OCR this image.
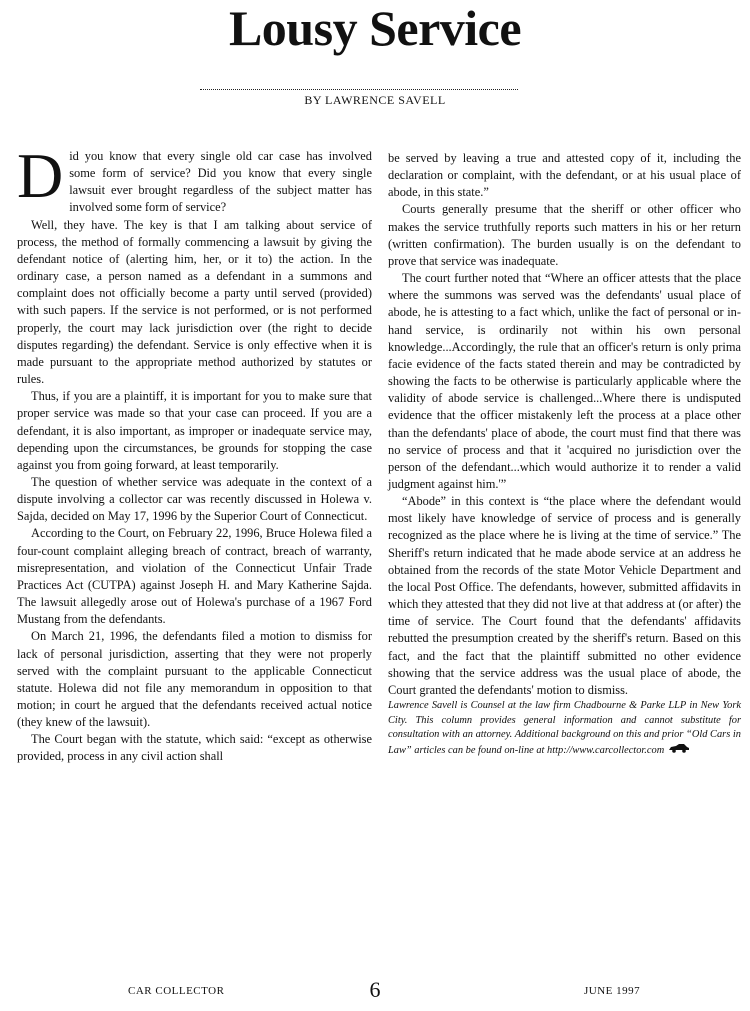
Lousy Service
BY LAWRENCE SAVELL

Did you know that every single old car case has involved some form of service? Did you know that every single lawsuit ever brought regardless of the subject matter has involved some form of service?

Well, they have. The key is that I am talking about service of process, the method of formally commencing a lawsuit by giving the defendant notice of (alerting him, her, or it to) the action. In the ordinary case, a person named as a defendant in a summons and complaint does not officially become a party until served (provided) with such papers. If the service is not performed, or is not performed properly, the court may lack jurisdiction over (the right to decide disputes regarding) the defendant. Service is only effective when it is made pursuant to the appropriate method authorized by statutes or rules.

Thus, if you are a plaintiff, it is important for you to make sure that proper service was made so that your case can proceed. If you are a defendant, it is also important, as improper or inadequate service may, depending upon the circumstances, be grounds for stopping the case against you from going forward, at least temporarily.

The question of whether service was adequate in the context of a dispute involving a collector car was recently discussed in Holewa v. Sajda, decided on May 17, 1996 by the Superior Court of Connecticut.

According to the Court, on February 22, 1996, Bruce Holewa filed a four-count complaint alleging breach of contract, breach of warranty, misrepresentation, and violation of the Connecticut Unfair Trade Practices Act (CUTPA) against Joseph H. and Mary Katherine Sajda. The lawsuit allegedly arose out of Holewa's purchase of a 1967 Ford Mustang from the defendants.

On March 21, 1996, the defendants filed a motion to dismiss for lack of personal jurisdiction, asserting that they were not properly served with the complaint pursuant to the applicable Connecticut statute. Holewa did not file any memorandum in opposition to that motion; in court he argued that the defendants received actual notice (they knew of the lawsuit).

The Court began with the statute, which said: “except as otherwise provided, process in any civil action shall

be served by leaving a true and attested copy of it, including the declaration or complaint, with the defendant, or at his usual place of abode, in this state.”

Courts generally presume that the sheriff or other officer who makes the service truthfully reports such matters in his or her return (written confirmation). The burden usually is on the defendant to prove that service was inadequate.

The court further noted that “Where an officer attests that the place where the summons was served was the defendants' usual place of abode, he is attesting to a fact which, unlike the fact of personal or in-hand service, is ordinarily not within his own personal knowledge...Accordingly, the rule that an officer's return is only prima facie evidence of the facts stated therein and may be contradicted by showing the facts to be otherwise is particularly applicable where the validity of abode service is challenged...Where there is undisputed evidence that the officer mistakenly left the process at a place other than the defendants' place of abode, the court must find that there was no service of process and that it 'acquired no jurisdiction over the person of the defendant...which would authorize it to render a valid judgment against him.'”

“Abode” in this context is “the place where the defendant would most likely have knowledge of service of process and is generally recognized as the place where he is living at the time of service.” The Sheriff's return indicated that he made abode service at an address he obtained from the records of the state Motor Vehicle Department and the local Post Office. The defendants, however, submitted affidavits in which they attested that they did not live at that address at (or after) the time of service. The Court found that the defendants' affidavits rebutted the presumption created by the sheriff's return. Based on this fact, and the fact that the plaintiff submitted no other evidence showing that the service address was the usual place of abode, the Court granted the defendants' motion to dismiss.

Lawrence Savell is Counsel at the law firm Chadbourne & Parke LLP in New York City. This column provides general information and cannot substitute for consultation with an attorney. Additional background on this and prior “Old Cars in Law” articles can be found on-line at http://www.carcollector.com

CAR COLLECTOR	6	JUNE 1997
